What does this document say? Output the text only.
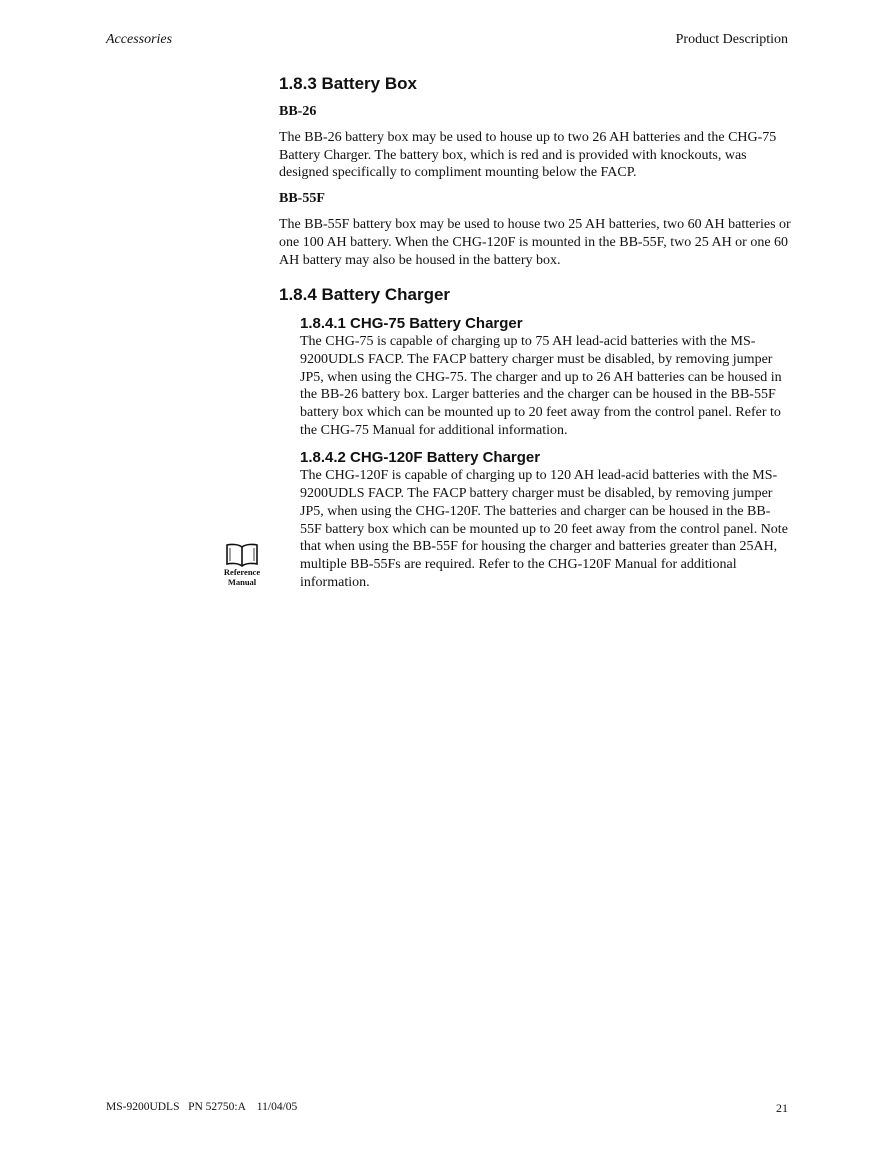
Accessories	Product Description
1.8.3 Battery Box
BB-26

The BB-26 battery box may be used to house up to two 26 AH batteries and the CHG-75 Battery Charger. The battery box, which is red and is provided with knockouts, was designed specifically to compliment mounting below the FACP.

BB-55F

The BB-55F battery box may be used to house two 25 AH batteries, two 60 AH batteries or one 100 AH battery. When the CHG-120F is mounted in the BB-55F, two 25 AH or one 60 AH battery may also be housed in the battery box.

1.8.4 Battery Charger
1.8.4.1 CHG-75 Battery Charger

The CHG-75 is capable of charging up to 75 AH lead-acid batteries with the MS-9200UDLS FACP. The FACP battery charger must be disabled, by removing jumper JP5, when using the CHG-75. The charger and up to 26 AH batteries can be housed in the BB-26 battery box. Larger batteries and the charger can be housed in the BB-55F battery box which can be mounted up to 20 feet away from the control panel. Refer to the CHG-75 Manual for additional information.

1.8.4.2 CHG-120F Battery Charger

The CHG-120F is capable of charging up to 120 AH lead-acid batteries with the MS-9200UDLS FACP. The FACP battery charger must be disabled, by removing jumper JP5, when using the CHG-120F. The batteries and charger can be housed in the BB-55F battery box which can be mounted up to 20 feet away from the control panel. Note that when using the BB-55F for housing the charger and batteries greater than 25AH, multiple BB-55Fs are required. Refer to the CHG-120F Manual for additional information.

Reference
Manual
MS-9200UDLS   PN 52750:A    11/04/05	21
